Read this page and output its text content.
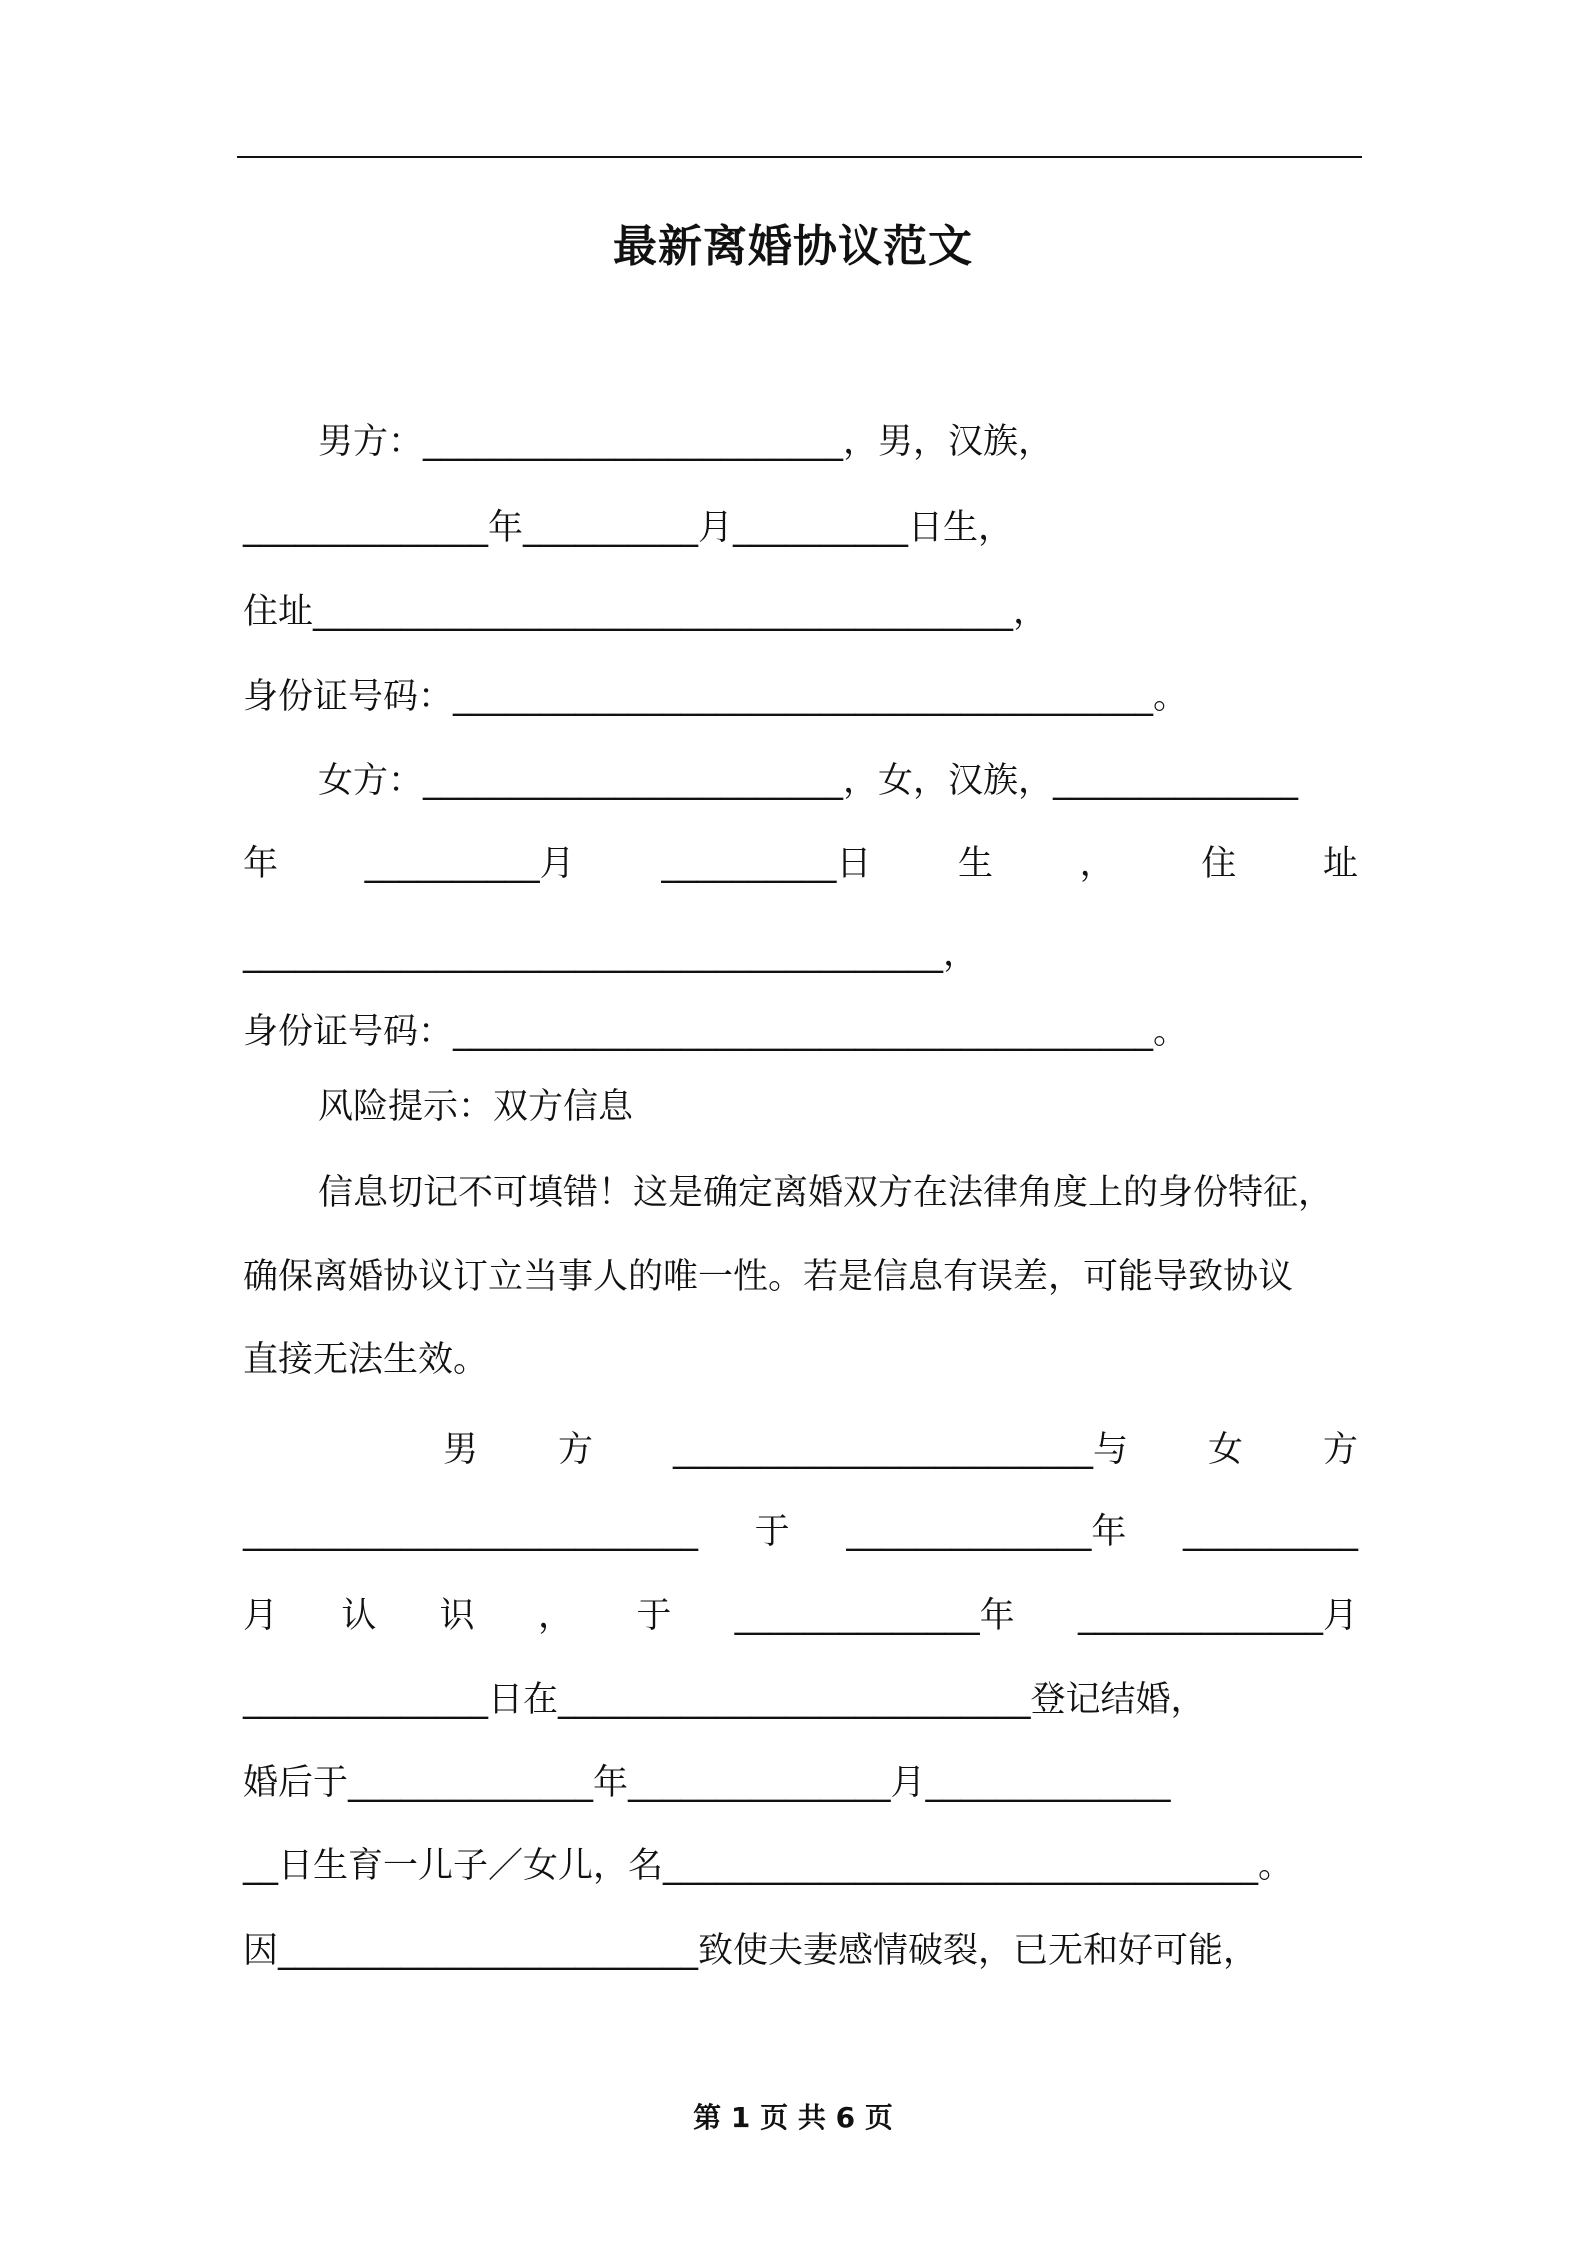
最新离婚协议范文
男方：________________________，男，汉族，
______________年__________月__________日生，
住址________________________________________，
身份证号码：________________________________________。
女方：________________________，女，汉族，______________
年 __________月 __________日 生 ， 住 址
________________________________________，
身份证号码：________________________________________。
风险提示：双方信息
信息切记不可填错！这是确定离婚双方在法律角度上的身份特征，
确保离婚协议订立当事人的唯一性。若是信息有误差，可能导致协议
直接无法生效。
男 方 ________________________与 女 方
__________________________ 于 ______________年 __________
月 认 识 ， 于 ______________年 ______________月
______________日在___________________________登记结婚，
婚后于______________年_______________月______________
__日生育一儿子／女儿，名__________________________________。
因________________________致使夫妻感情破裂，已无和好可能，
第 1 页 共 6 页
